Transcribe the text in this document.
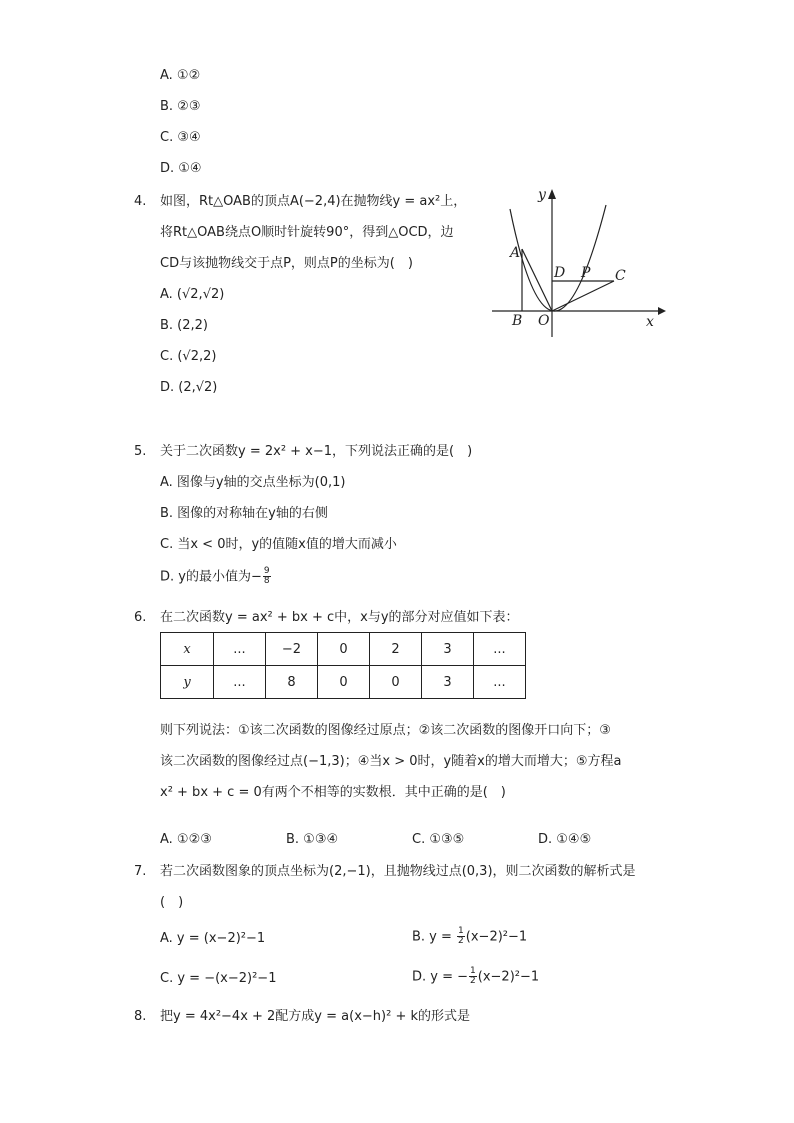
A. ①②
B. ②③
C. ③④
D. ①④
4. 如图，Rt△OAB的顶点A(−2,4)在抛物线y = ax²上，
将Rt△OAB绕点O顺时针旋转90°，得到△OCD，边
CD与该抛物线交于点P，则点P的坐标为(　)
A. (√2,√2)
B. (2,2)
C. (√2,2)
D. (2,√2)
y
x
A
B O
D P C
5. 关于二次函数y = 2x² + x−1，下列说法正确的是(　)
A. 图像与y轴的交点坐标为(0,1)
B. 图像的对称轴在y轴的右侧
C. 当x < 0时，y的值随x值的增大而减小
D. y的最小值为− $\frac{9}{8}$
6. 在二次函数y = ax² + bx + c中，x与y的部分对应值如下表：
x	...	−2	0	2	3	...
y	...	8	0	0	3	...
则下列说法：①该二次函数的图像经过原点；②该二次函数的图像开口向下；③
该二次函数的图像经过点(−1,3)；④当x > 0时，y随着x的增大而增大；⑤方程a
x² + bx + c = 0有两个不相等的实数根．其中正确的是(　)
A. ①②③	B. ①③④	C. ①③⑤	D. ①④⑤
7. 若二次函数图象的顶点坐标为(2,−1)，且抛物线过点(0,3)，则二次函数的解析式是
(　)
A. y = (x−2)²−1	B. $y = \frac{1}{2} (x-2)^2-1$
C. y = −(x−2)²−1	D. y = − $\frac{1}{2} (x-2)^2-1$
8. 把y = 4x²−4x + 2配方成y = a(x−h)² + k的形式是
